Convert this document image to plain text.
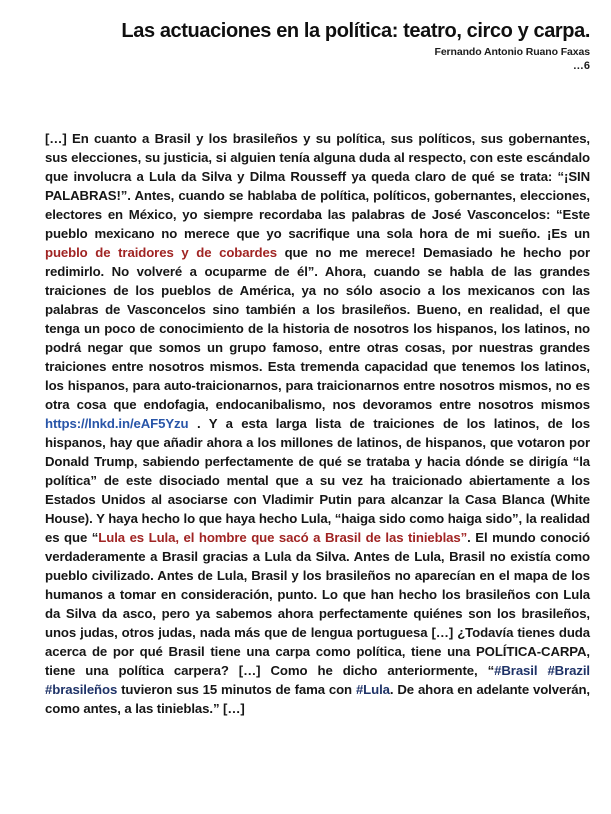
Las actuaciones en la política: teatro, circo y carpa.
Fernando Antonio Ruano Faxas
…6

[…] En cuanto a Brasil y los brasileños y su política, sus políticos, sus gobernantes, sus elecciones, su justicia, si alguien tenía alguna duda al respecto, con este escándalo que involucra a Lula da Silva y Dilma Rousseff ya queda claro de qué se trata: “¡SIN PALABRAS!”. Antes, cuando se hablaba de política, políticos, gobernantes, elecciones, electores en México, yo siempre recordaba las palabras de José Vasconcelos: “Este pueblo mexicano no merece que yo sacrifique una sola hora de mi sueño. ¡Es un pueblo de traidores y de cobardes que no me merece! Demasiado he hecho por redimirlo. No volveré a ocuparme de él”. Ahora, cuando se habla de las grandes traiciones de los pueblos de América, ya no sólo asocio a los mexicanos con las palabras de Vasconcelos sino también a los brasileños. Bueno, en realidad, el que tenga un poco de conocimiento de la historia de nosotros los hispanos, los latinos, no podrá negar que somos un grupo famoso, entre otras cosas, por nuestras grandes traiciones entre nosotros mismos. Esta tremenda capacidad que tenemos los latinos, los hispanos, para auto-traicionarnos, para traicionarnos entre nosotros mismos, no es otra cosa que endofagia, endocanibalismo, nos devoramos entre nosotros mismos https://lnkd.in/eAF5Yzu . Y a esta larga lista de traiciones de los latinos, de los hispanos, hay que añadir ahora a los millones de latinos, de hispanos, que votaron por Donald Trump, sabiendo perfectamente de qué se trataba y hacia dónde se dirigía “la política” de este disociado mental que a su vez ha traicionado abiertamente a los Estados Unidos al asociarse con Vladimir Putin para alcanzar la Casa Blanca (White House). Y haya hecho lo que haya hecho Lula, “haiga sido como haiga sido”, la realidad es que “Lula es Lula, el hombre que sacó a Brasil de las tinieblas”. El mundo conoció verdaderamente a Brasil gracias a Lula da Silva. Antes de Lula, Brasil no existía como pueblo civilizado. Antes de Lula, Brasil y los brasileños no aparecían en el mapa de los humanos a tomar en consideración, punto. Lo que han hecho los brasileños con Lula da Silva da asco, pero ya sabemos ahora perfectamente quiénes son los brasileños, unos judas, otros judas, nada más que de lengua portuguesa […] ¿Todavía tienes duda acerca de por qué Brasil tiene una carpa como política, tiene una POLÍTICA-CARPA, tiene una política carpera? […] Como he dicho anteriormente, “#Brasil #Brazil #brasileños tuvieron sus 15 minutos de fama con #Lula. De ahora en adelante volverán, como antes, a las tinieblas.” […]
